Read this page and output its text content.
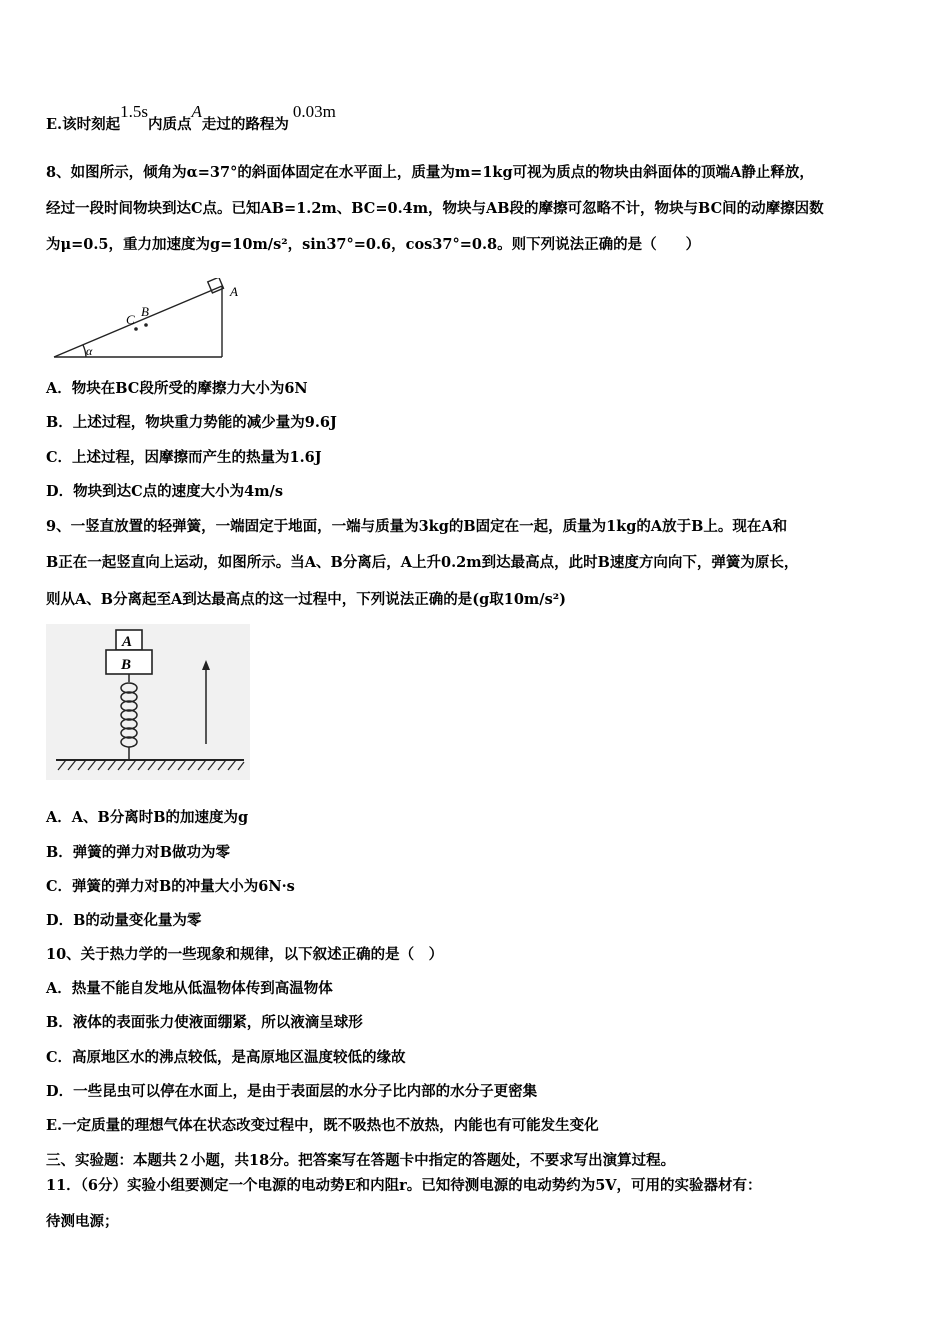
E.该时刻起1.5s内质点A走过的路程为0.03m
8、如图所示，倾角为α=37°的斜面体固定在水平面上，质量为m=1kg可视为质点的物块由斜面体的顶端A静止释放，
经过一段时间物块到达C点。已知AB=1.2m、BC=0.4m，物块与AB段的摩擦可忽略不计，物块与BC间的动摩擦因数
为μ=0.5，重力加速度为g=10m/s²，sin37°=0.6，cos37°=0.8。则下列说法正确的是（　　）
α
C
B
A
A．物块在BC段所受的摩擦力大小为6N
B．上述过程，物块重力势能的减少量为9.6J
C．上述过程，因摩擦而产生的热量为1.6J
D．物块到达C点的速度大小为4m/s
9、一竖直放置的轻弹簧，一端固定于地面，一端与质量为3kg的B固定在一起，质量为1kg的A放于B上。现在A和
B正在一起竖直向上运动，如图所示。当A、B分离后，A上升0.2m到达最高点，此时B速度方向向下，弹簧为原长，
则从A、B分离起至A到达最高点的这一过程中，下列说法正确的是(g取10m/s²)
A
B
A．A、B分离时B的加速度为g
B．弹簧的弹力对B做功为零
C．弹簧的弹力对B的冲量大小为6N·s
D．B的动量变化量为零
10、关于热力学的一些现象和规律，以下叙述正确的是（　）
A．热量不能自发地从低温物体传到高温物体
B．液体的表面张力使液面绷紧，所以液滴呈球形
C．高原地区水的沸点较低，是高原地区温度较低的缘故
D．一些昆虫可以停在水面上，是由于表面层的水分子比内部的水分子更密集
E.一定质量的理想气体在状态改变过程中，既不吸热也不放热，内能也有可能发生变化
三、实验题：本题共２小题，共18分。把答案写在答题卡中指定的答题处，不要求写出演算过程。
11．（6分）实验小组要测定一个电源的电动势E和内阻r。已知待测电源的电动势约为5V，可用的实验器材有：
待测电源；
